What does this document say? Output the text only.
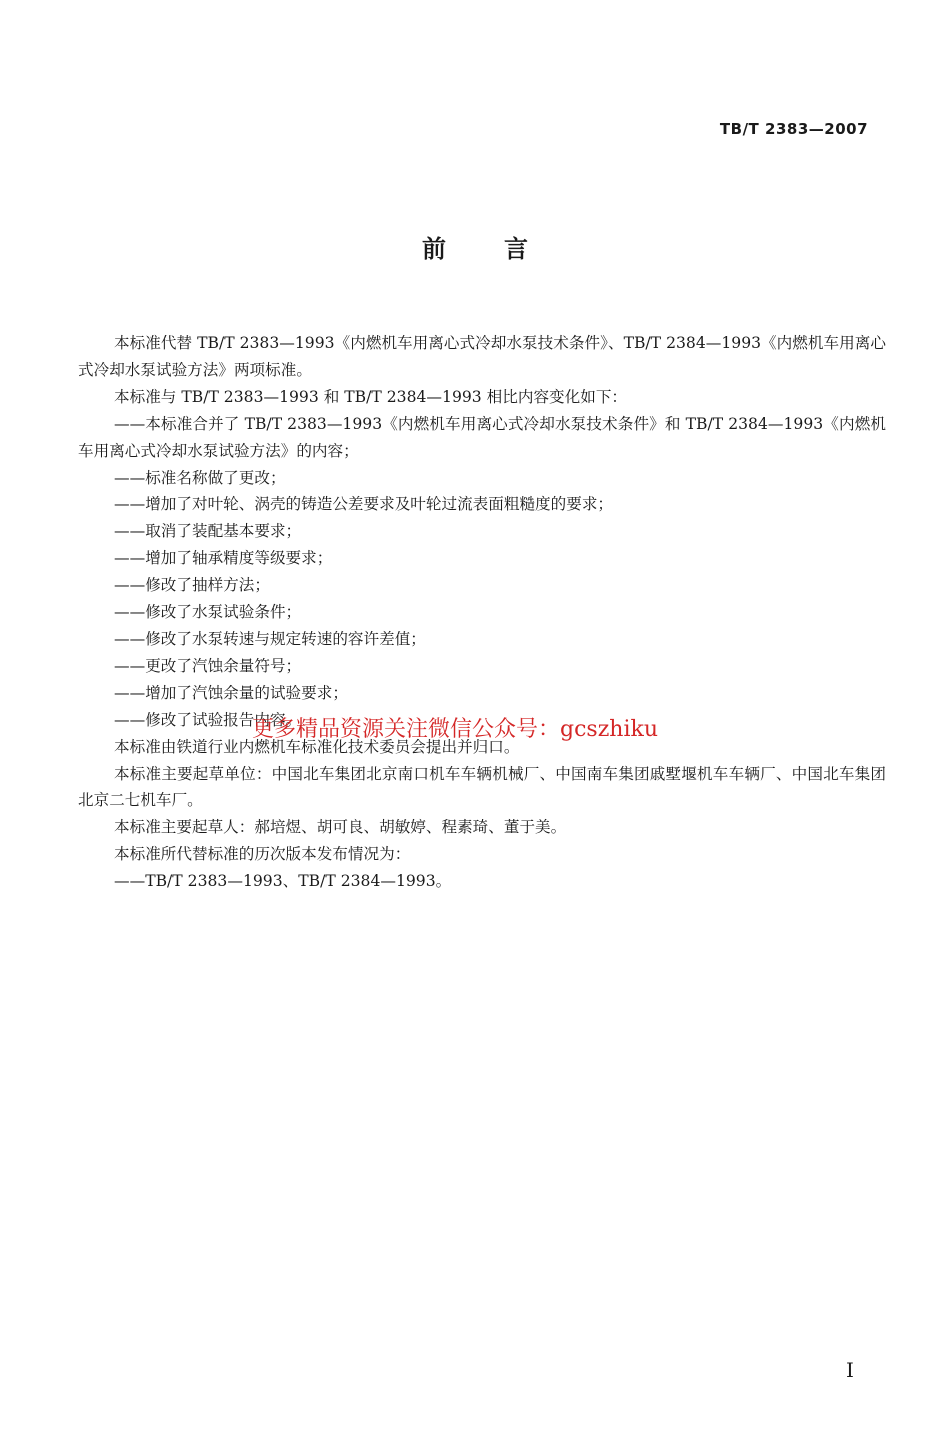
TB/T 2383—2007
前言

本标准代替 TB/T 2383—1993《内燃机车用离心式冷却水泵技术条件》、TB/T 2384—1993《内燃机车用离心式冷却水泵试验方法》两项标准。

本标准与 TB/T 2383—1993 和 TB/T 2384—1993 相比内容变化如下：

——本标准合并了 TB/T 2383—1993《内燃机车用离心式冷却水泵技术条件》和 TB/T 2384—1993《内燃机车用离心式冷却水泵试验方法》的内容；

——标准名称做了更改；

——增加了对叶轮、涡壳的铸造公差要求及叶轮过流表面粗糙度的要求；

——取消了装配基本要求；

——增加了轴承精度等级要求；

——修改了抽样方法；

——修改了水泵试验条件；

——修改了水泵转速与规定转速的容许差值；

——更改了汽蚀余量符号；

——增加了汽蚀余量的试验要求；

——修改了试验报告内容。

本标准由铁道行业内燃机车标准化技术委员会提出并归口。

本标准主要起草单位：中国北车集团北京南口机车车辆机械厂、中国南车集团戚墅堰机车车辆厂、中国北车集团北京二七机车厂。

本标准主要起草人：郝培煜、胡可良、胡敏婷、程素琦、董于美。

本标准所代替标准的历次版本发布情况为：

——TB/T 2383—1993、TB/T 2384—1993。

更多精品资源关注微信公众号：gcszhiku
I
